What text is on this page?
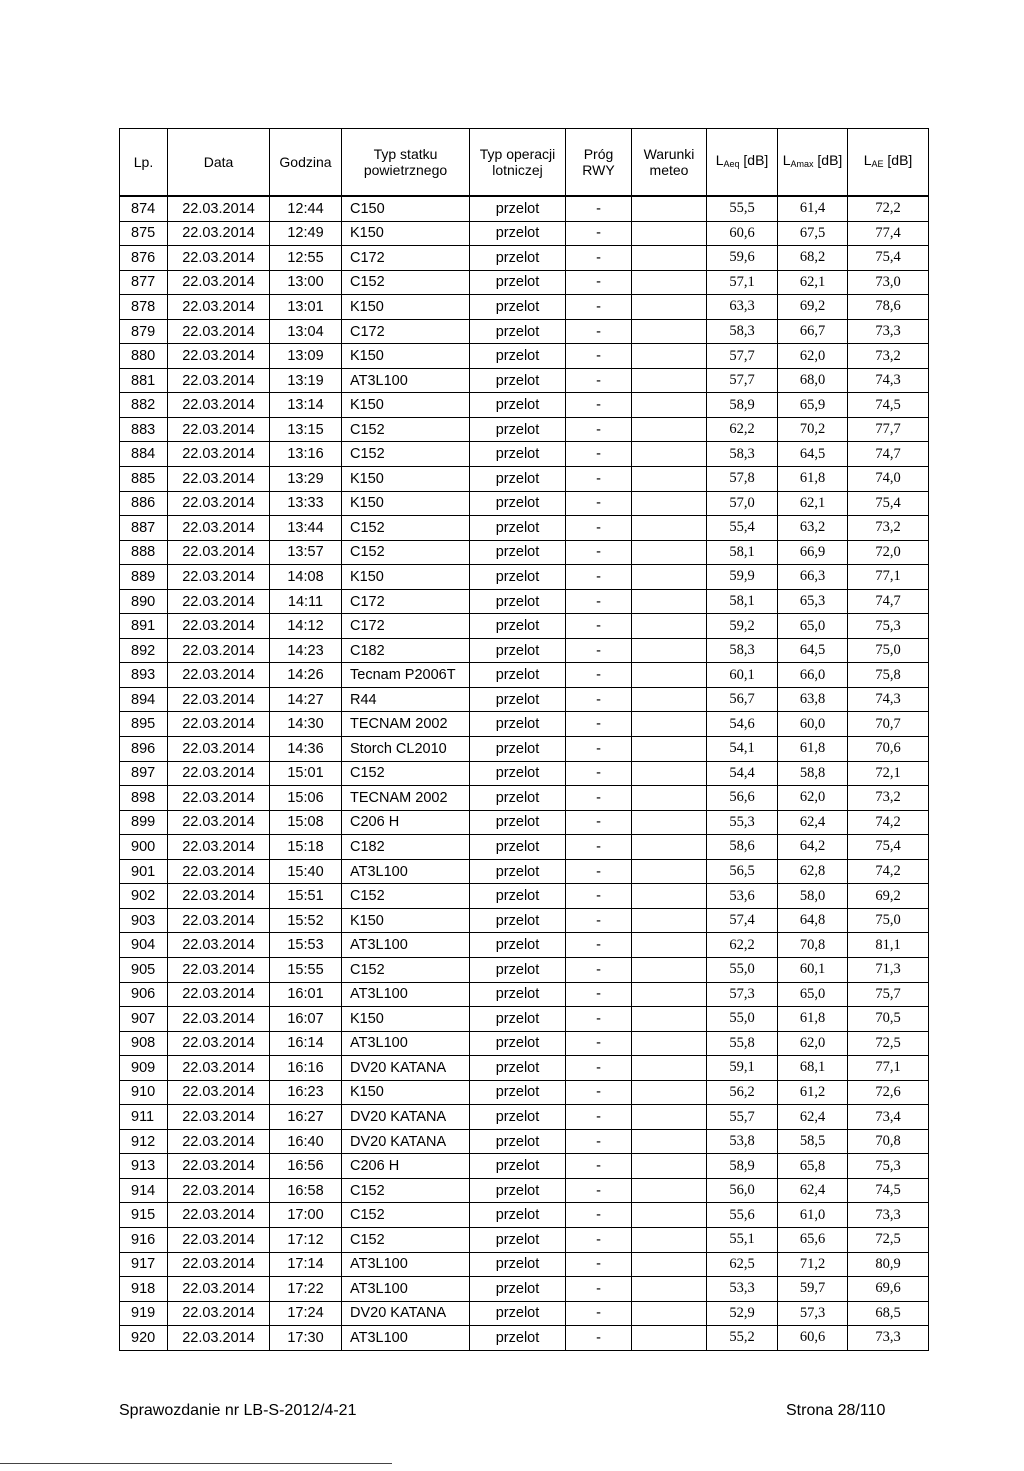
Lp.	Data	Godzina	Typ statku powietrznego	Typ operacji lotniczej	Próg RWY	Warunki meteo	$L_{Aeq}$ [dB]	$L_{Amax}$ [dB]	$L_{AE}$ [dB]
874	22.03.2014	12:44	C150	przelot	-		55,5	61,4	72,2
875	22.03.2014	12:49	K150	przelot	-		60,6	67,5	77,4
876	22.03.2014	12:55	C172	przelot	-		59,6	68,2	75,4
877	22.03.2014	13:00	C152	przelot	-		57,1	62,1	73,0
878	22.03.2014	13:01	K150	przelot	-		63,3	69,2	78,6
879	22.03.2014	13:04	C172	przelot	-		58,3	66,7	73,3
880	22.03.2014	13:09	K150	przelot	-		57,7	62,0	73,2
881	22.03.2014	13:19	AT3L100	przelot	-		57,7	68,0	74,3
882	22.03.2014	13:14	K150	przelot	-		58,9	65,9	74,5
883	22.03.2014	13:15	C152	przelot	-		62,2	70,2	77,7
884	22.03.2014	13:16	C152	przelot	-		58,3	64,5	74,7
885	22.03.2014	13:29	K150	przelot	-		57,8	61,8	74,0
886	22.03.2014	13:33	K150	przelot	-		57,0	62,1	75,4
887	22.03.2014	13:44	C152	przelot	-		55,4	63,2	73,2
888	22.03.2014	13:57	C152	przelot	-		58,1	66,9	72,0
889	22.03.2014	14:08	K150	przelot	-		59,9	66,3	77,1
890	22.03.2014	14:11	C172	przelot	-		58,1	65,3	74,7
891	22.03.2014	14:12	C172	przelot	-		59,2	65,0	75,3
892	22.03.2014	14:23	C182	przelot	-		58,3	64,5	75,0
893	22.03.2014	14:26	Tecnam P2006T	przelot	-		60,1	66,0	75,8
894	22.03.2014	14:27	R44	przelot	-		56,7	63,8	74,3
895	22.03.2014	14:30	TECNAM 2002	przelot	-		54,6	60,0	70,7
896	22.03.2014	14:36	Storch CL2010	przelot	-		54,1	61,8	70,6
897	22.03.2014	15:01	C152	przelot	-		54,4	58,8	72,1
898	22.03.2014	15:06	TECNAM 2002	przelot	-		56,6	62,0	73,2
899	22.03.2014	15:08	C206 H	przelot	-		55,3	62,4	74,2
900	22.03.2014	15:18	C182	przelot	-		58,6	64,2	75,4
901	22.03.2014	15:40	AT3L100	przelot	-		56,5	62,8	74,2
902	22.03.2014	15:51	C152	przelot	-		53,6	58,0	69,2
903	22.03.2014	15:52	K150	przelot	-		57,4	64,8	75,0
904	22.03.2014	15:53	AT3L100	przelot	-		62,2	70,8	81,1
905	22.03.2014	15:55	C152	przelot	-		55,0	60,1	71,3
906	22.03.2014	16:01	AT3L100	przelot	-		57,3	65,0	75,7
907	22.03.2014	16:07	K150	przelot	-		55,0	61,8	70,5
908	22.03.2014	16:14	AT3L100	przelot	-		55,8	62,0	72,5
909	22.03.2014	16:16	DV20 KATANA	przelot	-		59,1	68,1	77,1
910	22.03.2014	16:23	K150	przelot	-		56,2	61,2	72,6
911	22.03.2014	16:27	DV20 KATANA	przelot	-		55,7	62,4	73,4
912	22.03.2014	16:40	DV20 KATANA	przelot	-		53,8	58,5	70,8
913	22.03.2014	16:56	C206 H	przelot	-		58,9	65,8	75,3
914	22.03.2014	16:58	C152	przelot	-		56,0	62,4	74,5
915	22.03.2014	17:00	C152	przelot	-		55,6	61,0	73,3
916	22.03.2014	17:12	C152	przelot	-		55,1	65,6	72,5
917	22.03.2014	17:14	AT3L100	przelot	-		62,5	71,2	80,9
918	22.03.2014	17:22	AT3L100	przelot	-		53,3	59,7	69,6
919	22.03.2014	17:24	DV20 KATANA	przelot	-		52,9	57,3	68,5
920	22.03.2014	17:30	AT3L100	przelot	-		55,2	60,6	73,3
Sprawozdanie nr LB-S-2012/4-21	Strona 28/110
